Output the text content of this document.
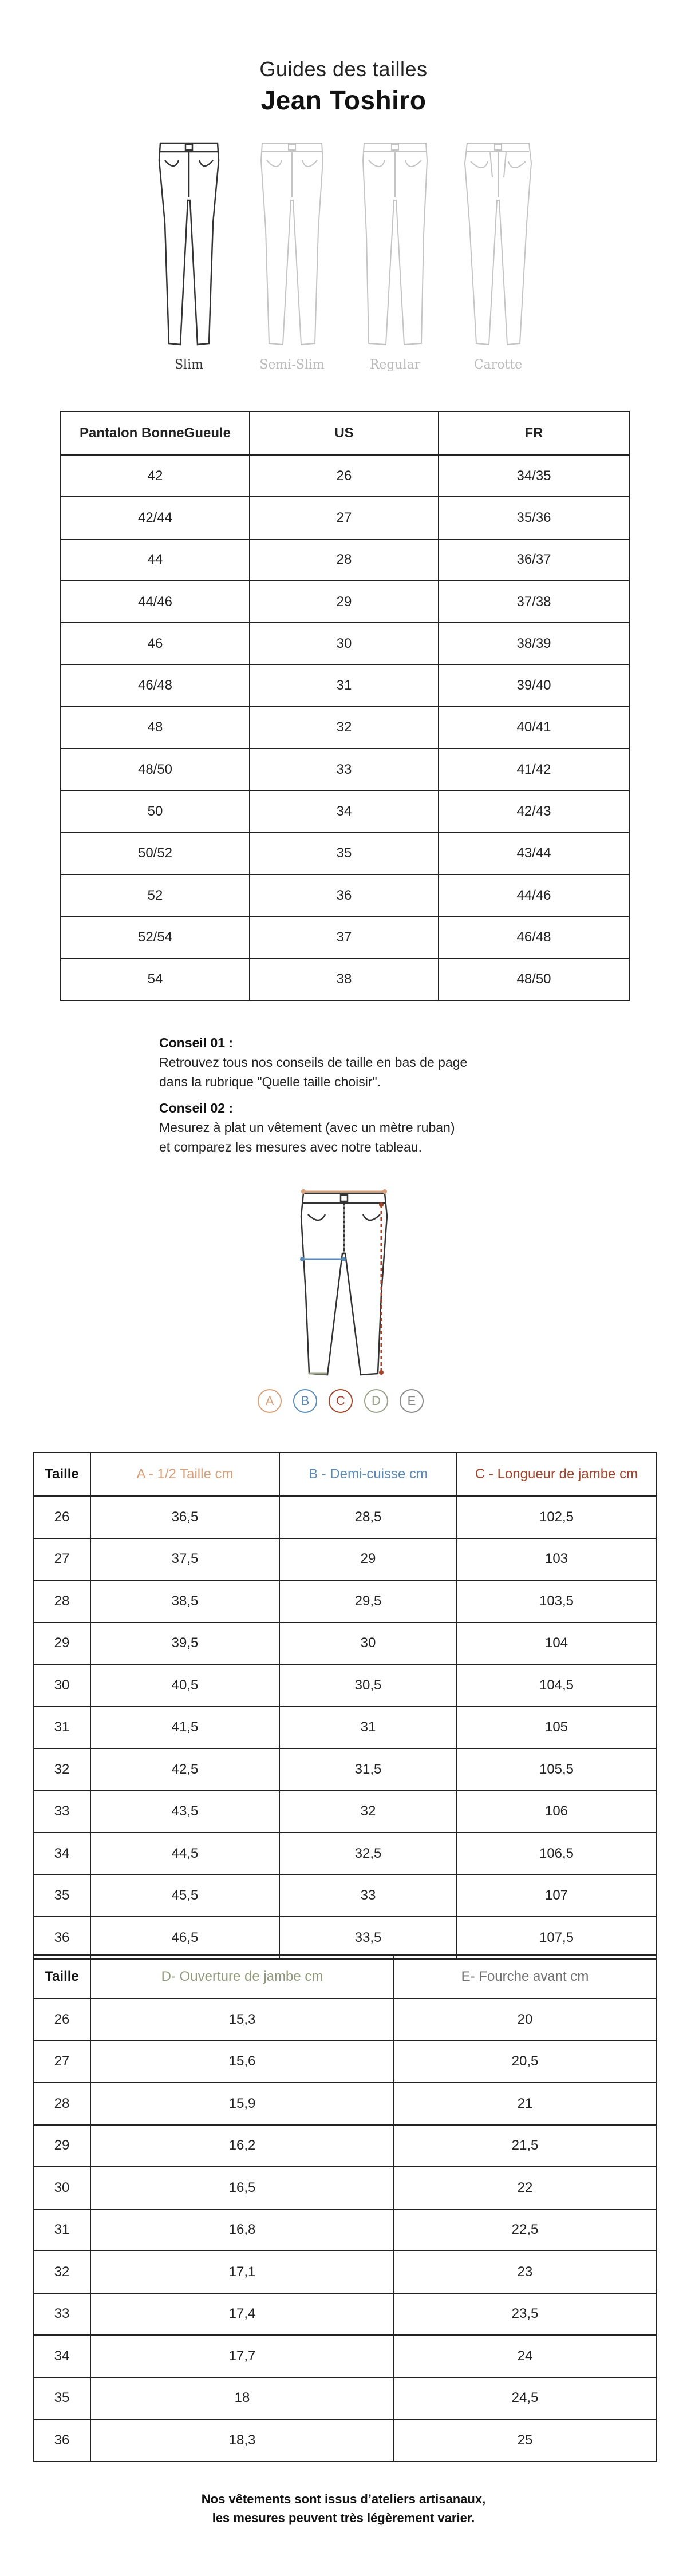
Guides des tailles
Jean Toshiro
Slim	Semi-Slim	Regular	Carotte
Pantalon BonneGueule	US	FR
42	26	34/35
42/44	27	35/36
44	28	36/37
44/46	29	37/38
46	30	38/39
46/48	31	39/40
48	32	40/41
48/50	33	41/42
50	34	42/43
50/52	35	43/44
52	36	44/46
52/54	37	46/48
54	38	48/50
Conseil 01 :
Retrouvez tous nos conseils de taille en bas de page
dans la rubrique "Quelle taille choisir".
Conseil 02 :
Mesurez à plat un vêtement (avec un mètre ruban)
et comparez les mesures avec notre tableau.
A	B	C	D	E
Taille	A - 1/2 Taille cm	B - Demi-cuisse cm	C - Longueur de jambe cm
26	36,5	28,5	102,5
27	37,5	29	103
28	38,5	29,5	103,5
29	39,5	30	104
30	40,5	30,5	104,5
31	41,5	31	105
32	42,5	31,5	105,5
33	43,5	32	106
34	44,5	32,5	106,5
35	45,5	33	107
36	46,5	33,5	107,5
Taille	D- Ouverture de jambe cm	E- Fourche avant cm
26	15,3	20
27	15,6	20,5
28	15,9	21
29	16,2	21,5
30	16,5	22
31	16,8	22,5
32	17,1	23
33	17,4	23,5
34	17,7	24
35	18	24,5
36	18,3	25
Nos vêtements sont issus d’ateliers artisanaux,
les mesures peuvent très légèrement varier.
